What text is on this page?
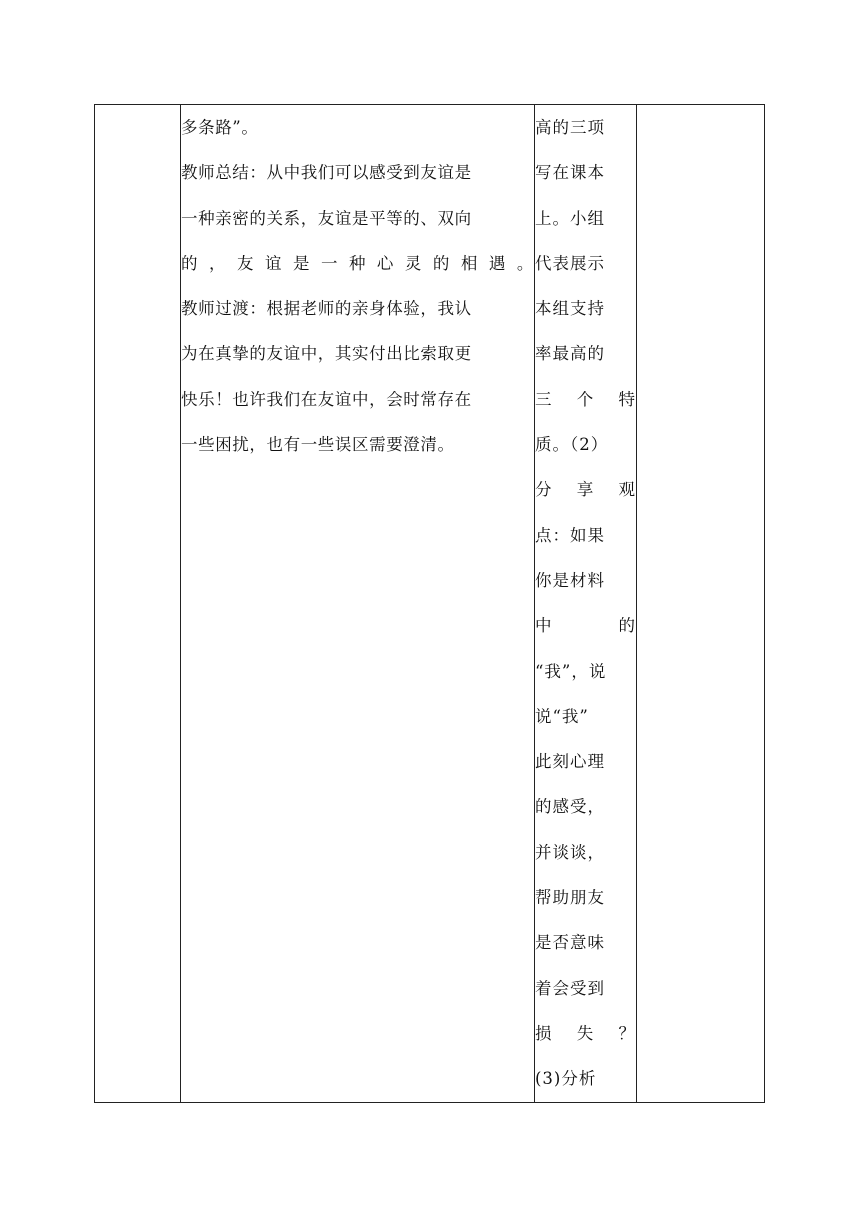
多条路”。

教师总结：从中我们可以感受到友谊是

一种亲密的关系，友谊是平等的、双向

的，友谊是一种心灵的相遇。

教师过渡：根据老师的亲身体验，我认

为在真挚的友谊中，其实付出比索取更

快乐！也许我们在友谊中，会时常存在

一些困扰，也有一些误区需要澄清。

高的三项
写在课本
上。小组
代表展示
本组支持
率最高的
三个特
质。（2）
分享观
点：如果
你是材料
中的
“我”，说
说“我”
此刻心理
的感受，
并谈谈，
帮助朋友
是否意味
着会受到
损失？
(3)分析
